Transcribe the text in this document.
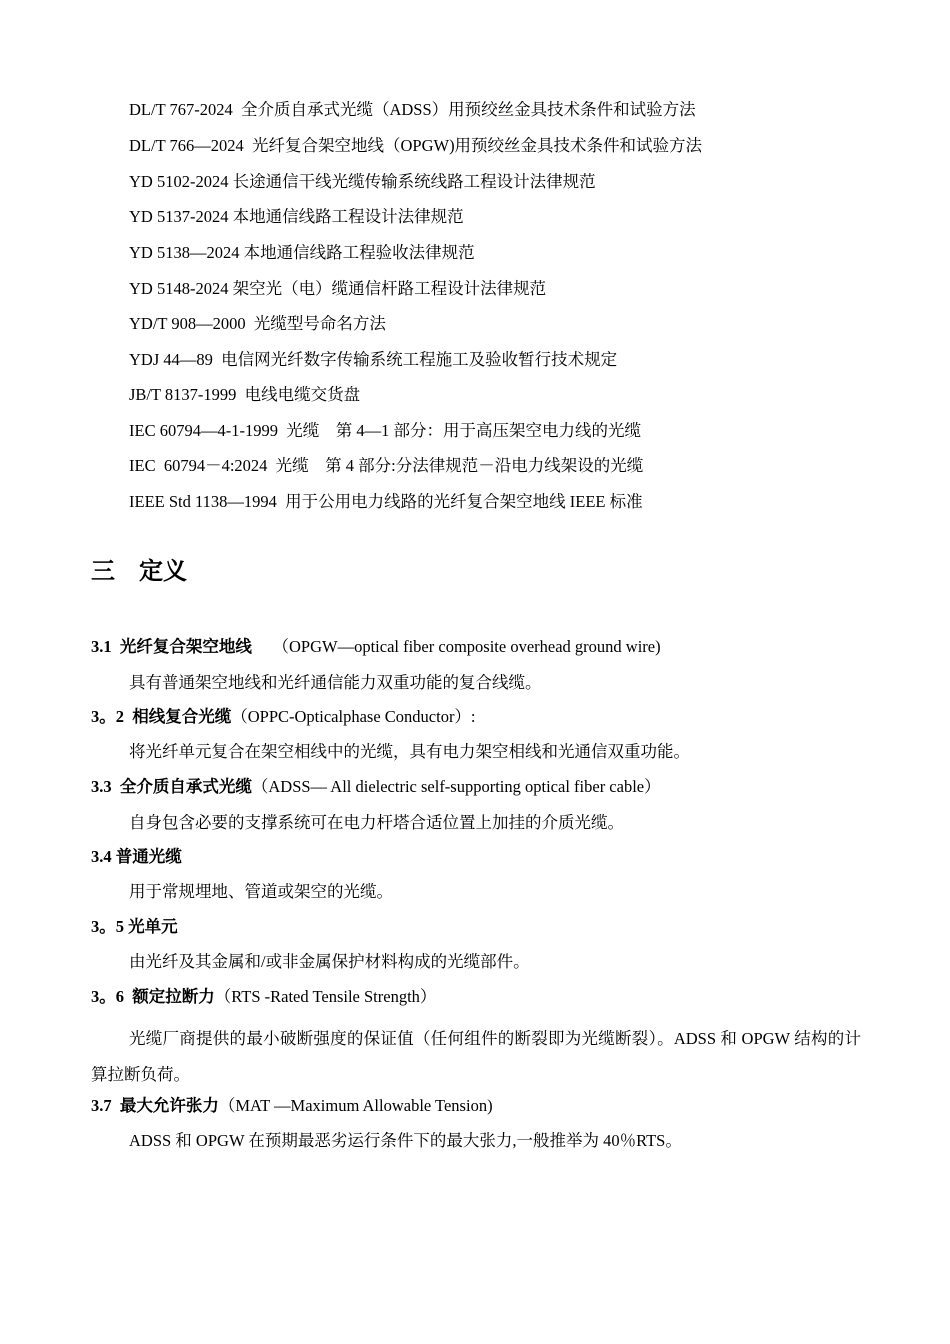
DL/T 767-2024  全介质自承式光缆（ADSS）用预绞丝金具技术条件和试验方法

DL/T 766—2024  光纤复合架空地线（OPGW)用预绞丝金具技术条件和试验方法

YD 5102-2024 长途通信干线光缆传输系统线路工程设计法律规范

YD 5137-2024 本地通信线路工程设计法律规范

YD 5138—2024 本地通信线路工程验收法律规范

YD 5148-2024 架空光（电）缆通信杆路工程设计法律规范

YD/T 908—2000  光缆型号命名方法

YDJ 44—89  电信网光纤数字传输系统工程施工及验收暂行技术规定

JB/T 8137-1999  电线电缆交货盘

IEC 60794—4-1-1999  光缆    第 4—1 部分：用于高压架空电力线的光缆

IEC  60794－4:2024  光缆    第 4 部分:分法律规范－沿电力线架设的光缆

IEEE Std 1138—1994  用于公用电力线路的光纤复合架空地线 IEEE 标准

三    定义

3.1  光纤复合架空地线     （OPGW—optical fiber composite overhead ground wire)

具有普通架空地线和光纤通信能力双重功能的复合线缆。

3。2  相线复合光缆（OPPC-Opticalphase Conductor）:

将光纤单元复合在架空相线中的光缆，具有电力架空相线和光通信双重功能。

3.3  全介质自承式光缆（ADSS— All dielectric self-supporting optical fiber cable）

自身包含必要的支撑系统可在电力杆塔合适位置上加挂的介质光缆。

3.4 普通光缆

用于常规埋地、管道或架空的光缆。

3。5 光单元

由光纤及其金属和/或非金属保护材料构成的光缆部件。

3。6  额定拉断力（RTS -Rated Tensile Strength）

光缆厂商提供的最小破断强度的保证值（任何组件的断裂即为光缆断裂）。ADSS 和 OPGW 结构的计算拉断负荷。

3.7  最大允许张力（MAT —Maximum Allowable Tension)

ADSS 和 OPGW 在预期最恶劣运行条件下的最大张力,一般推举为 40％RTS。
